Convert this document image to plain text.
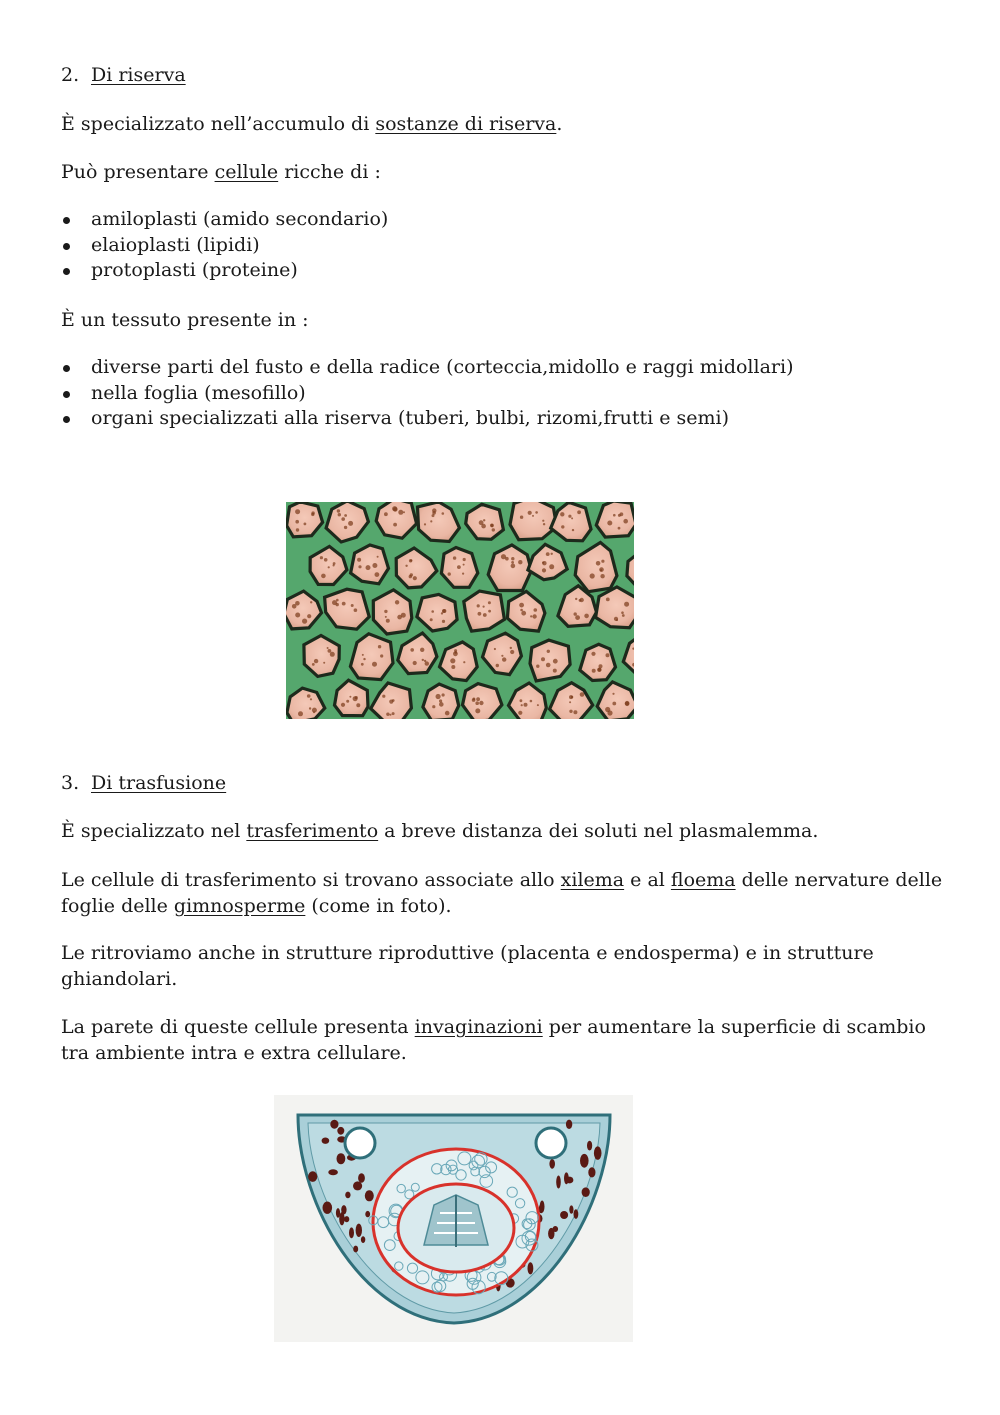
2. Di riserva
È specializzato nell’accumulo di sostanze di riserva.
Può presentare cellule ricche di :
amiloplasti (amido secondario)
elaioplasti (lipidi)
protoplasti (proteine)
È un tessuto presente in :
diverse parti del fusto e della radice (corteccia,midollo e raggi midollari)
nella foglia (mesofillo)
organi specializzati alla riserva (tuberi, bulbi, rizomi,frutti e semi)
3. Di trasfusione
È specializzato nel trasferimento a breve distanza dei soluti nel plasmalemma.
Le cellule di trasferimento si trovano associate allo xilema e al floema delle nervature delle foglie delle gimnosperme (come in foto).
Le ritroviamo anche in strutture riproduttive (placenta e endosperma) e in strutture ghiandolari.
La parete di queste cellule presenta invaginazioni per aumentare la superficie di scambio tra ambiente intra e extra cellulare.
